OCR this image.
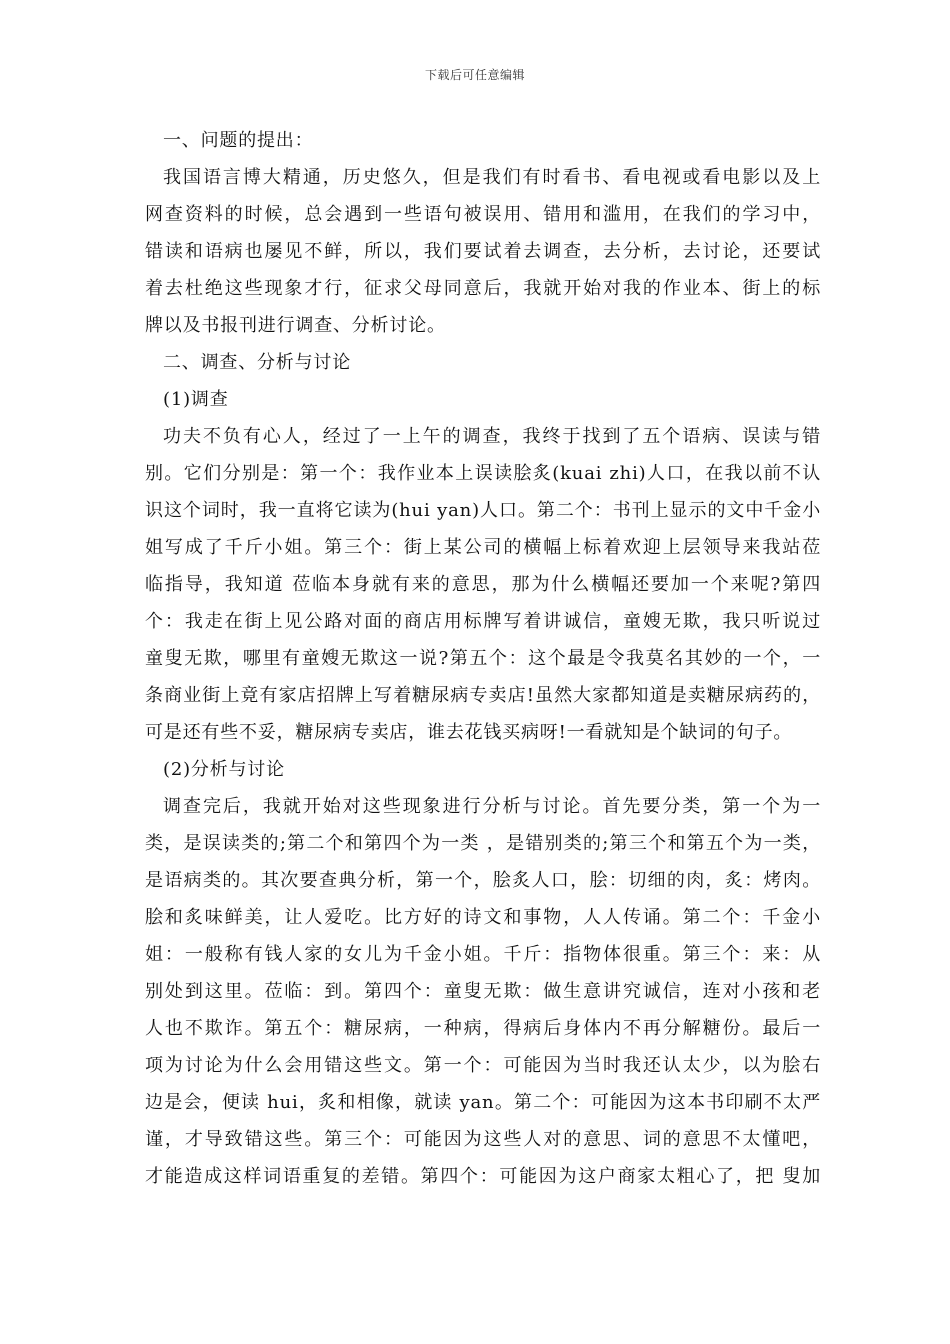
下载后可任意编辑
一、问题的提出：
我国语言博大精通，历史悠久，但是我们有时看书、看电视或看电影以及上
网查资料的时候，总会遇到一些语句被误用、错用和滥用，在我们的学习中，
错读和语病也屡见不鲜，所以，我们要试着去调查，去分析，去讨论，还要试
着去杜绝这些现象才行，征求父母同意后，我就开始对我的作业本、街上的标
牌以及书报刊进行调查、分析讨论。
二、调查、分析与讨论
(1)调查
功夫不负有心人，经过了一上午的调查，我终于找到了五个语病、误读与错
别。它们分别是：第一个：我作业本上误读脍炙(kuai zhi)人口，在我以前不认
识这个词时，我一直将它读为(hui yan)人口。第二个：书刊上显示的文中千金小
姐写成了千斤小姐。第三个：街上某公司的横幅上标着欢迎上层领导来我站莅
临指导，我知道 莅临本身就有来的意思，那为什么横幅还要加一个来呢?第四
个：我走在街上见公路对面的商店用标牌写着讲诚信，童嫂无欺，我只听说过
童叟无欺，哪里有童嫂无欺这一说?第五个：这个最是令我莫名其妙的一个，一
条商业街上竟有家店招牌上写着糖尿病专卖店!虽然大家都知道是卖糖尿病药的，
可是还有些不妥，糖尿病专卖店，谁去花钱买病呀!一看就知是个缺词的句子。
(2)分析与讨论
调查完后，我就开始对这些现象进行分析与讨论。首先要分类，第一个为一
类，是误读类的;第二个和第四个为一类 ，是错别类的;第三个和第五个为一类，
是语病类的。其次要查典分析，第一个，脍炙人口，脍：切细的肉，炙：烤肉。
脍和炙味鲜美，让人爱吃。比方好的诗文和事物，人人传诵。第二个：千金小
姐：一般称有钱人家的女儿为千金小姐。千斤：指物体很重。第三个：来：从
别处到这里。莅临：到。第四个：童叟无欺：做生意讲究诚信，连对小孩和老
人也不欺诈。第五个：糖尿病，一种病，得病后身体内不再分解糖份。最后一
项为讨论为什么会用错这些文。第一个：可能因为当时我还认太少，以为脍右
边是会，便读 hui，炙和相像，就读 yan。第二个：可能因为这本书印刷不太严
谨，才导致错这些。第三个：可能因为这些人对的意思、词的意思不太懂吧，
才能造成这样词语重复的差错。第四个：可能因为这户商家太粗心了，把 叟加
